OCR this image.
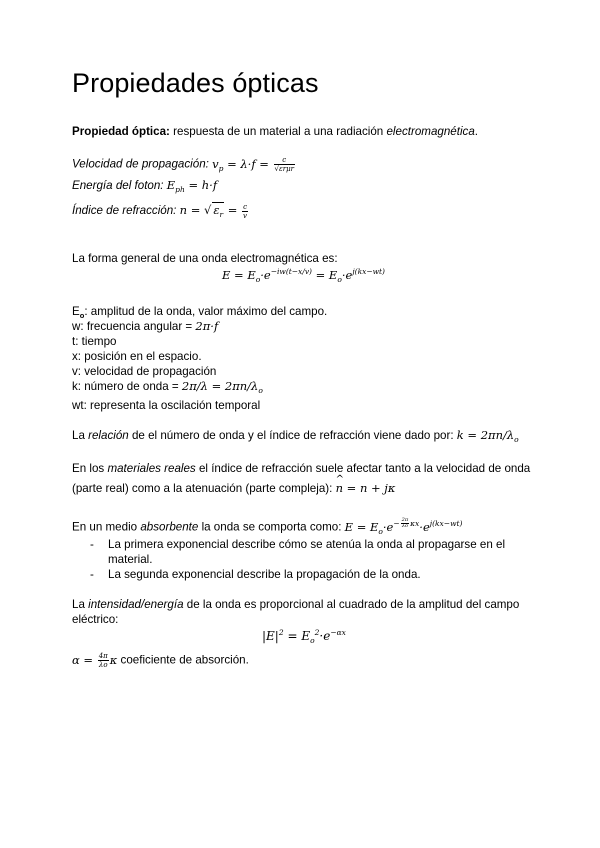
Propiedades ópticas
Propiedad óptica: respuesta de un material a una radiación electromagnética.
Velocidad de propagación: $v_p = \lambda\cdot f = \frac{c}{\text{√εrμr}}$
Energía del foton: $E_{ph} = h\cdot f$
Índice de refracción: n = √ $\varepsilon_r = \frac{c}{v}$
La forma general de una onda electromagnética es:
$E = E_o\cdot e^{-iw(t-x/v)} = E_o\cdot e^{j(kx-wt)}$
$E_o$: amplitud de la onda, valor máximo del campo.
w: frecuencia angular = 2π·f
t: tiempo
x: posición en el espacio.
v: velocidad de propagación
k: número de onda = $2\pi/\lambda = 2\pi n/\lambda_o$
wt: representa la oscilación temporal
La relación de el número de onda y el índice de refracción viene dado por: $k = 2\pi n/\lambda_o$
En los materiales reales el índice de refracción suele afectar tanto a la velocidad de onda
(parte real) como a la atenuación (parte compleja): ^ n = n + jκ
En un medio absorbente la onda se comporta como: $E = E_o\cdot e^{- \frac{2\pi}{\lambda o} \kappa x}\cdot e^{j(kx-wt)}$
- La primera exponencial describe cómo se atenúa la onda al propagarse en el material.
- La segunda exponencial describe la propagación de la onda.
La intensidad/energía de la onda es proporcional al cuadrado de la amplitud del campo
eléctrico:
$|E|^2 = E_o^2\cdot e^{-\alpha x}$
$\alpha = \frac{4\pi}{\lambda o}$ κ coeficiente de absorción.
